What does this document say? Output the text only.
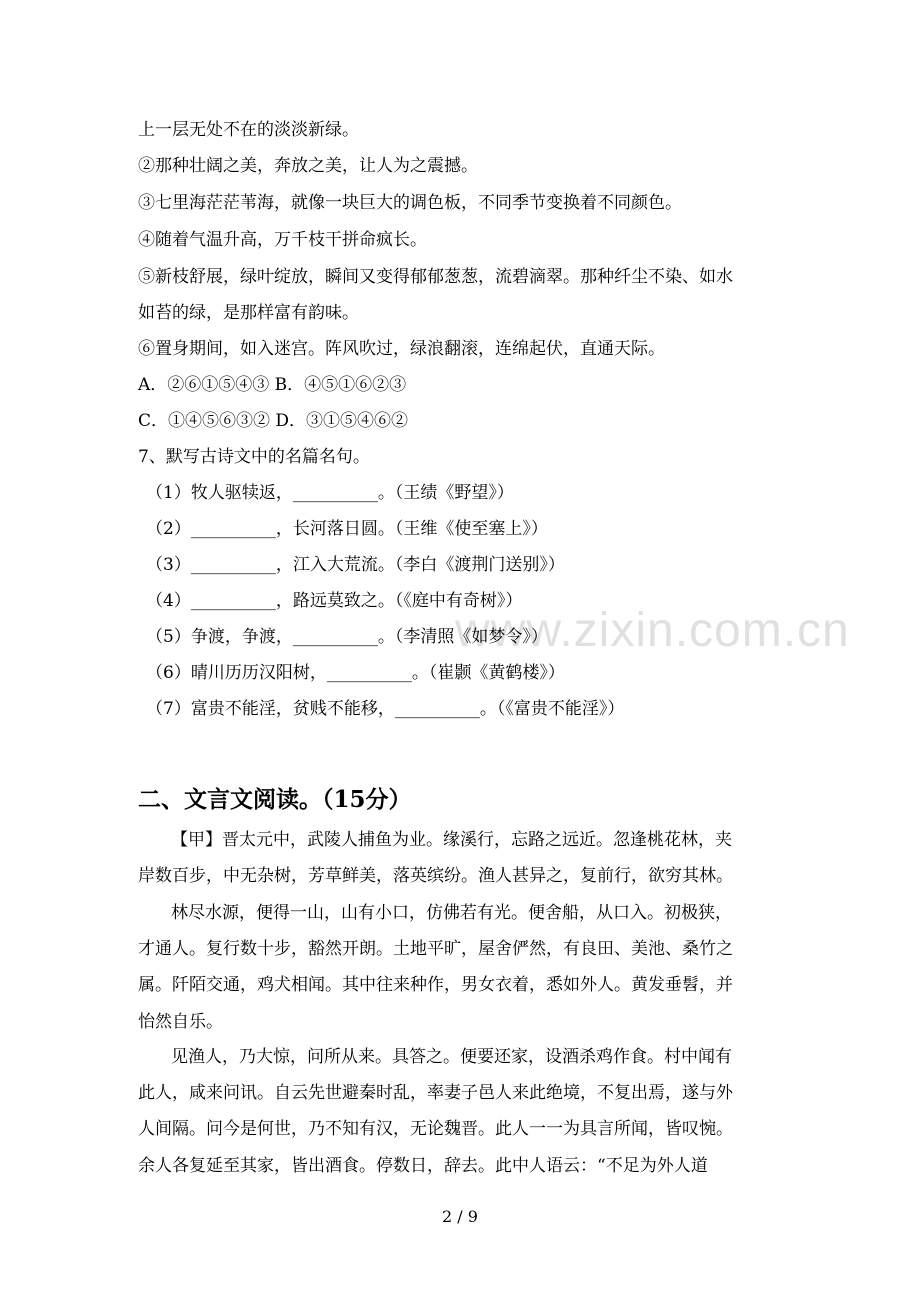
上一层无处不在的淡淡新绿。
②那种壮阔之美，奔放之美，让人为之震撼。
③七里海茫茫苇海，就像一块巨大的调色板，不同季节变换着不同颜色。
④随着气温升高，万千枝干拼命疯长。
⑤新枝舒展，绿叶绽放，瞬间又变得郁郁葱葱，流碧滴翠。那种纤尘不染、如水
如苔的绿，是那样富有韵味。
⑥置身期间，如入迷宫。阵风吹过，绿浪翻滚，连绵起伏，直通天际。
A．②⑥①⑤④③ B．④⑤①⑥②③
C．①④⑤⑥③② D．③①⑤④⑥②
7、默写古诗文中的名篇名句。
（1）牧人驱犊返，__________。（王绩《野望》）
（2）__________，长河落日圆。（王维《使至塞上》）
（3）__________，江入大荒流。（李白《渡荆门送别》）
（4）__________，路远莫致之。（《庭中有奇树》）
（5）争渡，争渡，__________。（李清照《如梦令》）
（6）晴川历历汉阳树，__________。（崔颢《黄鹤楼》）
（7）富贵不能淫，贫贱不能移，__________。（《富贵不能淫》）
二、文言文阅读。（15分）
【甲】晋太元中，武陵人捕鱼为业。缘溪行，忘路之远近。忽逢桃花林，夹
岸数百步，中无杂树，芳草鲜美，落英缤纷。渔人甚异之，复前行，欲穷其林。
林尽水源，便得一山，山有小口，仿佛若有光。便舍船，从口入。初极狭，
才通人。复行数十步，豁然开朗。土地平旷，屋舍俨然，有良田、美池、桑竹之
属。阡陌交通，鸡犬相闻。其中往来种作，男女衣着，悉如外人。黄发垂髫，并
怡然自乐。
见渔人，乃大惊，问所从来。具答之。便要还家，设酒杀鸡作食。村中闻有
此人，咸来问讯。自云先世避秦时乱，率妻子邑人来此绝境，不复出焉，遂与外
人间隔。问今是何世，乃不知有汉，无论魏晋。此人一一为具言所闻，皆叹惋。
余人各复延至其家，皆出酒食。停数日，辞去。此中人语云：“不足为外人道
www.zixin.com.cn
2 / 9
